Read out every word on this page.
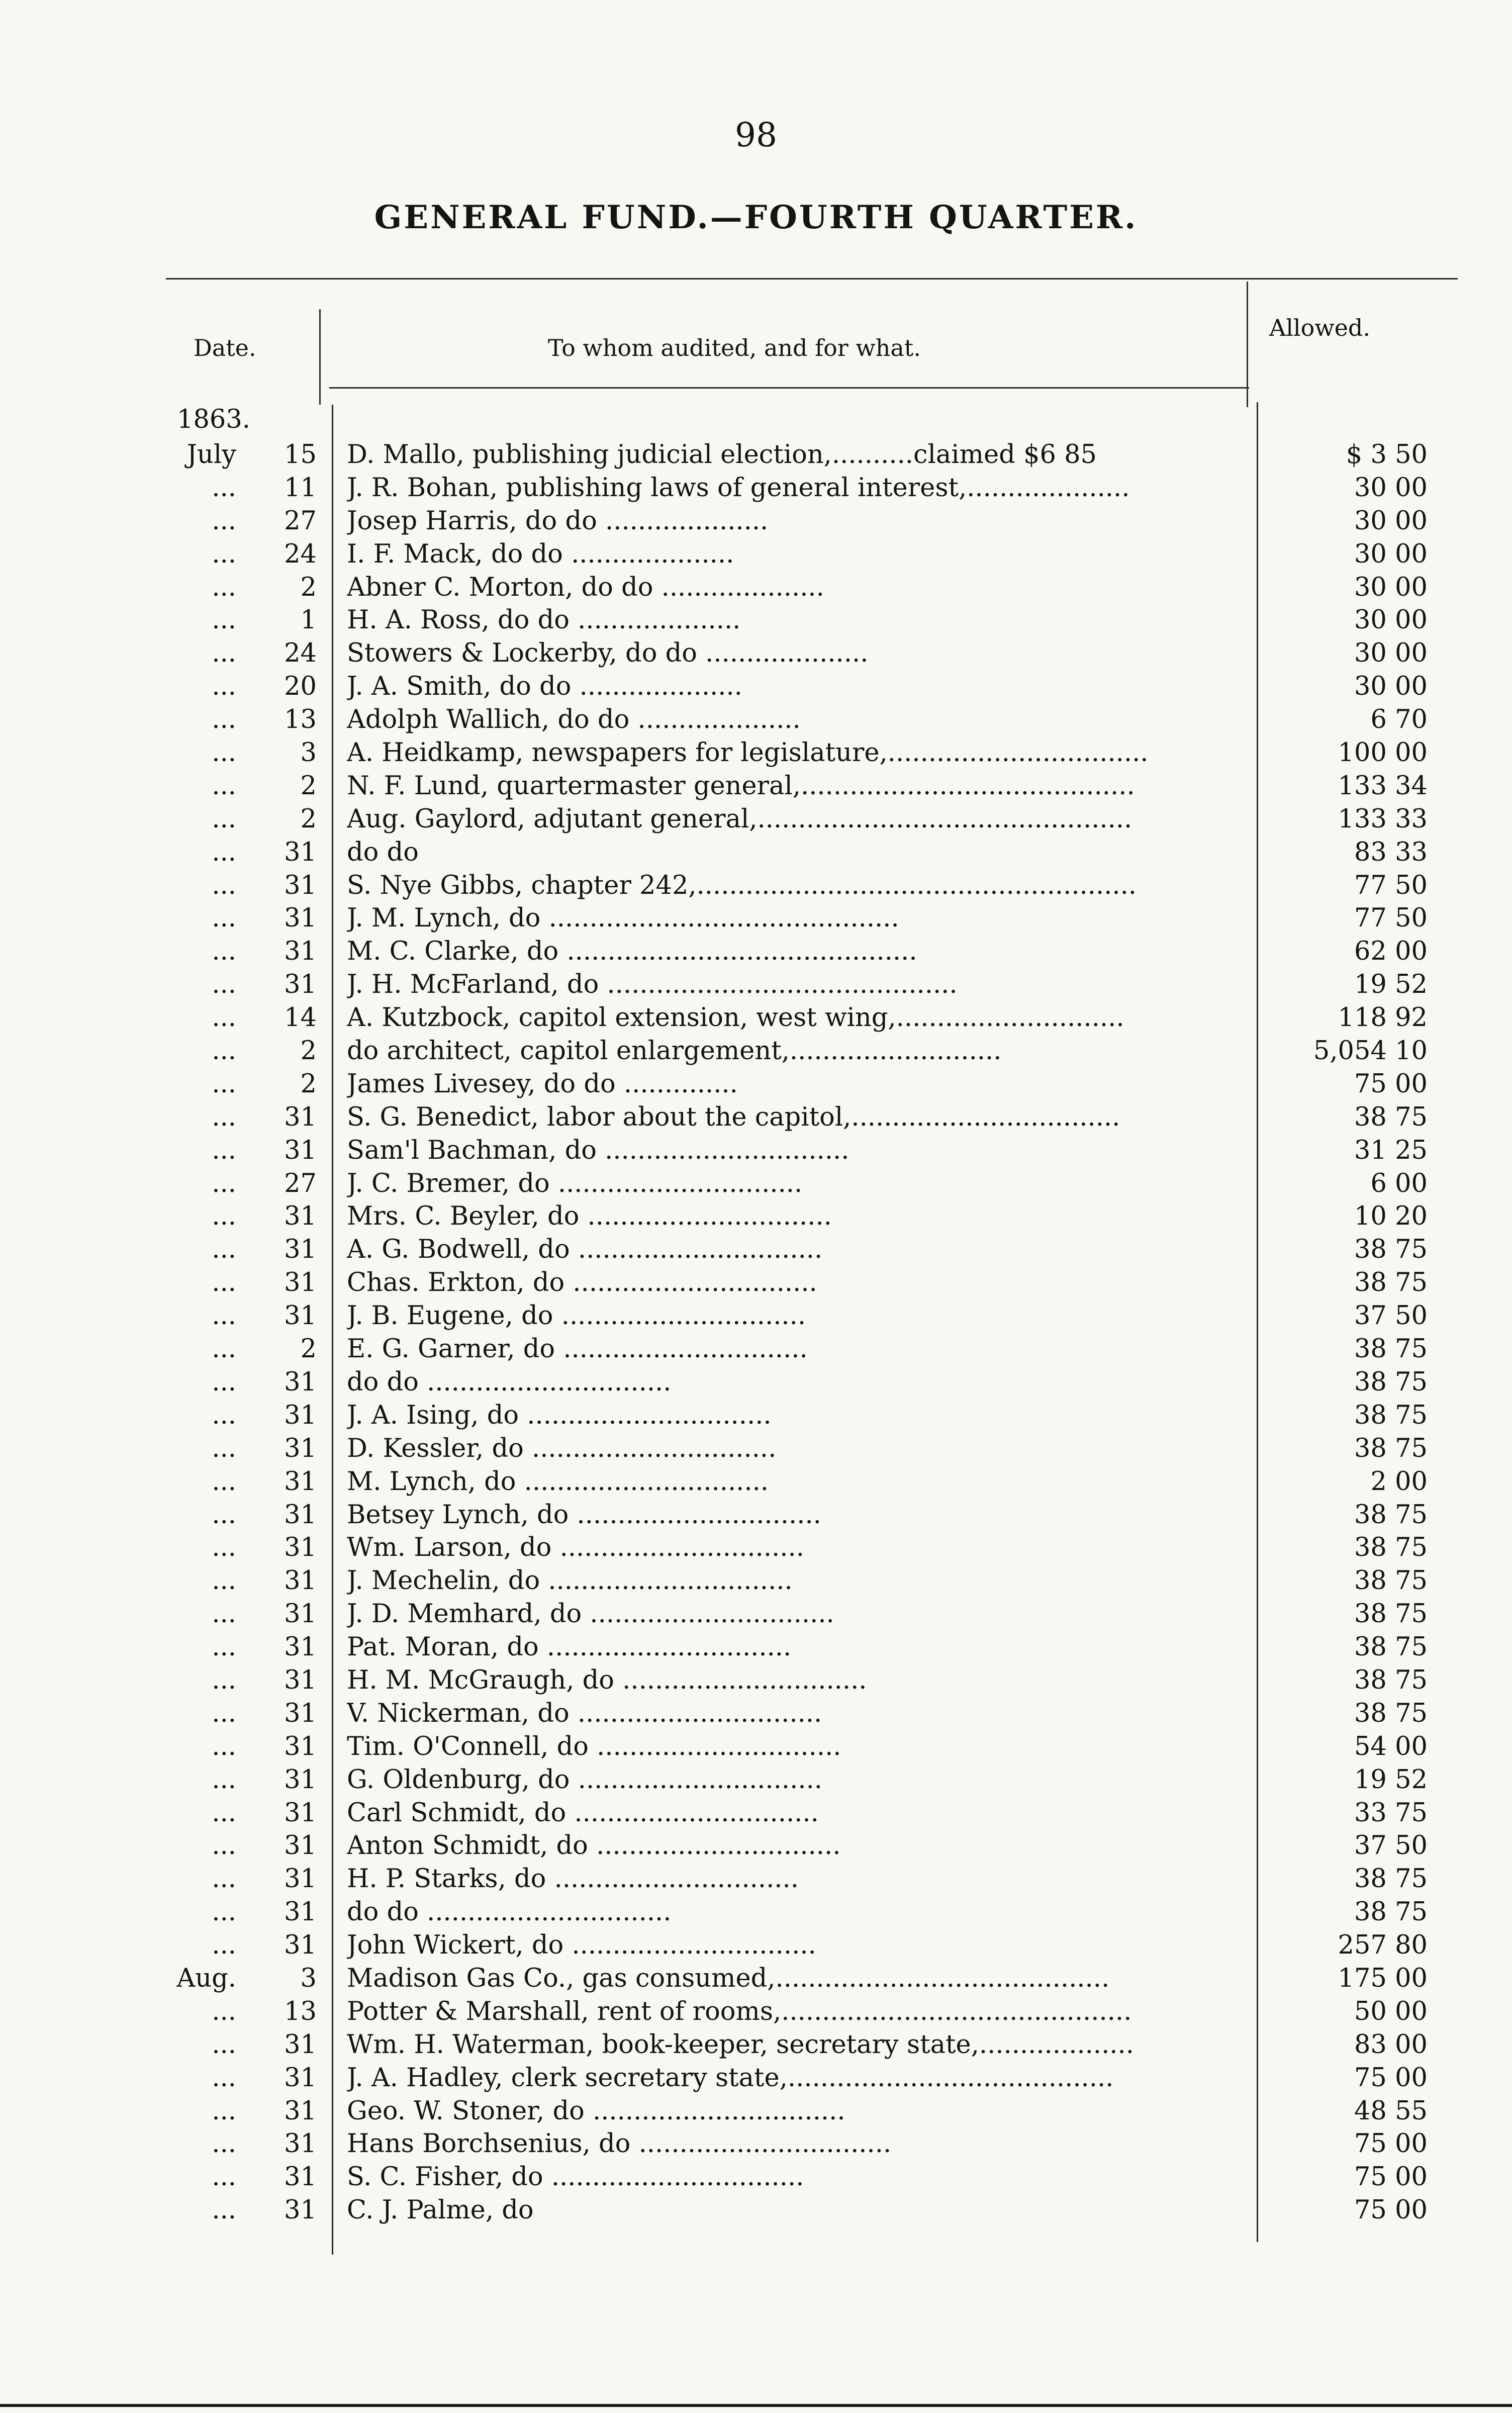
98
GENERAL FUND.—FOURTH QUARTER.
Date.	To whom audited, and for what.
Allowed.
1863.
July	15 D. Mallo, publishing judicial election,..........claimed $6 85	$ 3 50
...	11 J. R. Bohan, publishing laws of general interest,....................	30 00
...	27 Josep Harris, do do ....................	30 00
...	24 I. F. Mack, do do ....................	30 00
...	2 Abner C. Morton, do do ....................	30 00
...	1 H. A. Ross, do do ....................	30 00
...	24 Stowers & Lockerby, do do ....................	30 00
...	20 J. A. Smith, do do ....................	30 00
...	13 Adolph Wallich, do do ....................	6 70
...	3 A. Heidkamp, newspapers for legislature,................................	100 00
...	2 N. F. Lund, quartermaster general,.........................................	133 34
...	2 Aug. Gaylord, adjutant general,..............................................	133 33
...	31 do do	83 33
...	31 S. Nye Gibbs, chapter 242,......................................................	77 50
...	31 J. M. Lynch, do ...........................................	77 50
...	31 M. C. Clarke, do ...........................................	62 00
...	31 J. H. McFarland, do ...........................................	19 52
...	14 A. Kutzbock, capitol extension, west wing,............................	118 92
...	2 do architect, capitol enlargement,..........................	5,054 10
...	2 James Livesey, do do ..............	75 00
...	31 S. G. Benedict, labor about the capitol,.................................	38 75
...	31 Sam'l Bachman, do ..............................	31 25
...	27 J. C. Bremer, do ..............................	6 00
...	31 Mrs. C. Beyler, do ..............................	10 20
...	31 A. G. Bodwell, do ..............................	38 75
...	31 Chas. Erkton, do ..............................	38 75
...	31 J. B. Eugene, do ..............................	37 50
...	2 E. G. Garner, do ..............................	38 75
...	31 do do ..............................	38 75
...	31 J. A. Ising, do ..............................	38 75
...	31 D. Kessler, do ..............................	38 75
...	31 M. Lynch, do ..............................	2 00
...	31 Betsey Lynch, do ..............................	38 75
...	31 Wm. Larson, do ..............................	38 75
...	31 J. Mechelin, do ..............................	38 75
...	31 J. D. Memhard, do ..............................	38 75
...	31 Pat. Moran, do ..............................	38 75
...	31 H. M. McGraugh, do ..............................	38 75
...	31 V. Nickerman, do ..............................	38 75
...	31 Tim. O'Connell, do ..............................	54 00
...	31 G. Oldenburg, do ..............................	19 52
...	31 Carl Schmidt, do ..............................	33 75
...	31 Anton Schmidt, do ..............................	37 50
...	31 H. P. Starks, do ..............................	38 75
...	31 do do ..............................	38 75
...	31 John Wickert, do ..............................	257 80
Aug.	3 Madison Gas Co., gas consumed,.........................................	175 00
...	13 Potter & Marshall, rent of rooms,...........................................	50 00
...	31 Wm. H. Waterman, book-keeper, secretary state,...................	83 00
...	31 J. A. Hadley, clerk secretary state,........................................	75 00
...	31 Geo. W. Stoner, do ...............................	48 55
...	31 Hans Borchsenius, do ...............................	75 00
...	31 S. C. Fisher, do ...............................	75 00
...	31 C. J. Palme, do	75 00
